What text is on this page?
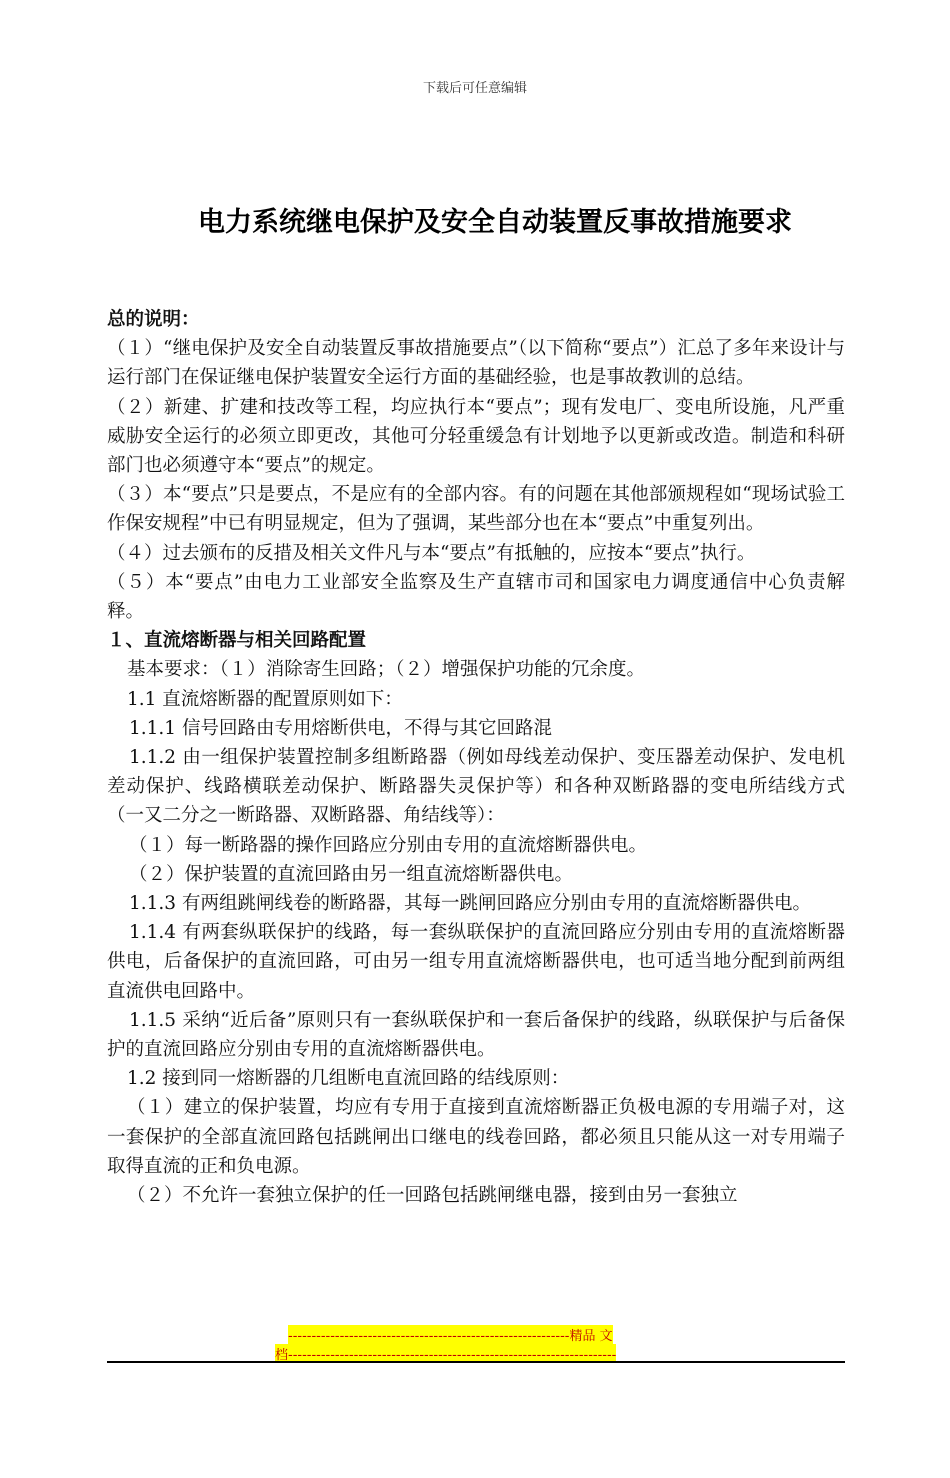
下载后可任意编辑
电力系统继电保护及安全自动装置反事故措施要求

总的说明：

（１）“继电保护及安全自动装置反事故措施要点”（以下简称“要点”）汇总了多年来设计与运行部门在保证继电保护装置安全运行方面的基础经验，也是事故教训的总结。

（２）新建、扩建和技改等工程，均应执行本“要点”；现有发电厂、变电所设施，凡严重威胁安全运行的必须立即更改，其他可分轻重缓急有计划地予以更新或改造。制造和科研部门也必须遵守本“要点”的规定。

（３）本“要点”只是要点，不是应有的全部内容。有的问题在其他部颁规程如“现场试验工作保安规程”中已有明显规定，但为了强调，某些部分也在本“要点”中重复列出。

（４）过去颁布的反措及相关文件凡与本“要点”有抵触的，应按本“要点”执行。

（５）本“要点”由电力工业部安全监察及生产直辖市司和国家电力调度通信中心负责解释。

１、直流熔断器与相关回路配置

基本要求：（１）消除寄生回路；（２）增强保护功能的冗余度。

1.1 直流熔断器的配置原则如下：

1.1.1 信号回路由专用熔断供电，不得与其它回路混

1.1.2 由一组保护装置控制多组断路器（例如母线差动保护、变压器差动保护、发电机差动保护、线路横联差动保护、断路器失灵保护等）和各种双断路器的变电所结线方式（一又二分之一断路器、双断路器、角结线等）：

（１）每一断路器的操作回路应分别由专用的直流熔断器供电。

（２）保护装置的直流回路由另一组直流熔断器供电。

1.1.3 有两组跳闸线卷的断路器，其每一跳闸回路应分别由专用的直流熔断器供电。

1.1.4 有两套纵联保护的线路，每一套纵联保护的直流回路应分别由专用的直流熔断器供电，后备保护的直流回路，可由另一组专用直流熔断器供电，也可适当地分配到前两组直流供电回路中。

1.1.5 采纳“近后备”原则只有一套纵联保护和一套后备保护的线路，纵联保护与后备保护的直流回路应分别由专用的直流熔断器供电。

1.2 接到同一熔断器的几组断电直流回路的结线原则：

（１）建立的保护装置，均应有专用于直接到直流熔断器正负极电源的专用端子对，这一套保护的全部直流回路包括跳闸出口继电的线卷回路，都必须且只能从这一对专用端子取得直流的正和负电源。

（２）不允许一套独立保护的任一回路包括跳闸继电器，接到由另一套独立

------------------------------------------------------------精品 文
档----------------------------------------------------------------------
